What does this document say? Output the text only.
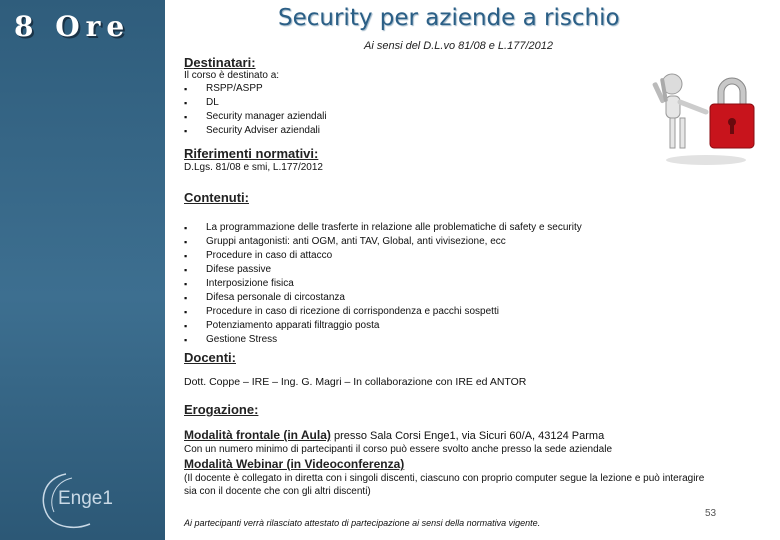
8 Ore
Enge1
Security per aziende a rischio
Ai sensi del D.L.vo 81/08 e L.177/2012
Destinatari:
Il corso è destinato a:
▪ RSPP/ASPP
▪ DL
▪ Security manager aziendali
▪ Security Adviser aziendali
Riferimenti normativi:
D.Lgs. 81/08 e smi, L.177/2012
Contenuti:
▪ La programmazione delle trasferte in relazione alle problematiche di safety e security
▪ Gruppi antagonisti: anti OGM, anti TAV, Global, anti vivisezione, ecc
▪ Procedure in caso di attacco
▪ Difese passive
▪ Interposizione fisica
▪ Difesa personale di circostanza
▪ Procedure in caso di ricezione di corrispondenza e pacchi sospetti
▪ Potenziamento apparati filtraggio posta
▪ Gestione Stress
Docenti:
Dott. Coppe – IRE – Ing. G. Magri – In collaborazione con IRE ed ANTOR
Erogazione:
Modalità frontale (in Aula) presso Sala Corsi Enge1, via Sicuri 60/A, 43124 Parma
Con un numero minimo di partecipanti il corso può essere svolto anche presso la sede aziendale
Modalità Webinar (in Videoconferenza)
(Il docente è collegato in diretta con i singoli discenti, ciascuno con proprio computer segue la lezione e può interagire
sia con il docente che con gli altri discenti)
Ai partecipanti verrà rilasciato attestato di partecipazione ai sensi della normativa vigente.
53
